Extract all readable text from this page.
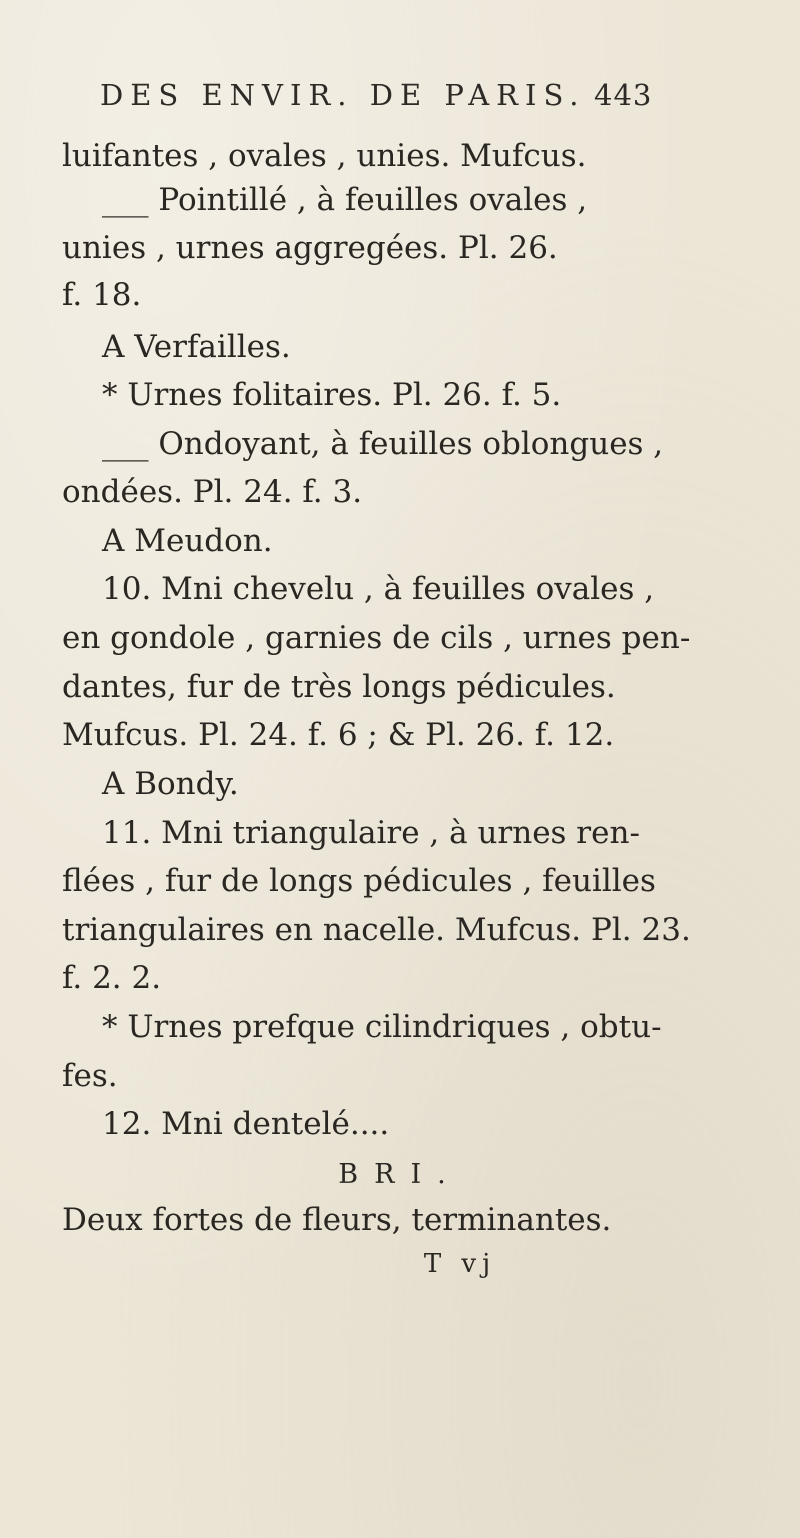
DES ENVIR. DE PARIS. 443
luifantes , ovales , unies. Mufcus.
___ Pointillé , à feuilles ovales ,
unies , urnes aggregées. Pl. 26.
f. 18.
A Verfailles.
* Urnes folitaires. Pl. 26. f. 5.
___ Ondoyant, à feuilles oblongues ,
ondées. Pl. 24. f. 3.
A Meudon.
10. Mni chevelu , à feuilles ovales ,
en gondole , garnies de cils , urnes pen-
dantes, fur de très longs pédicules.
Mufcus. Pl. 24. f. 6 ; & Pl. 26. f. 12.
A Bondy.
11. Mni triangulaire , à urnes ren-
flées , fur de longs pédicules , feuilles
triangulaires en nacelle. Mufcus. Pl. 23.
f. 2. 2.
* Urnes prefque cilindriques , obtu-
fes.
12. Mni dentelé....
BRI.
Deux fortes de fleurs, terminantes.
T vj
